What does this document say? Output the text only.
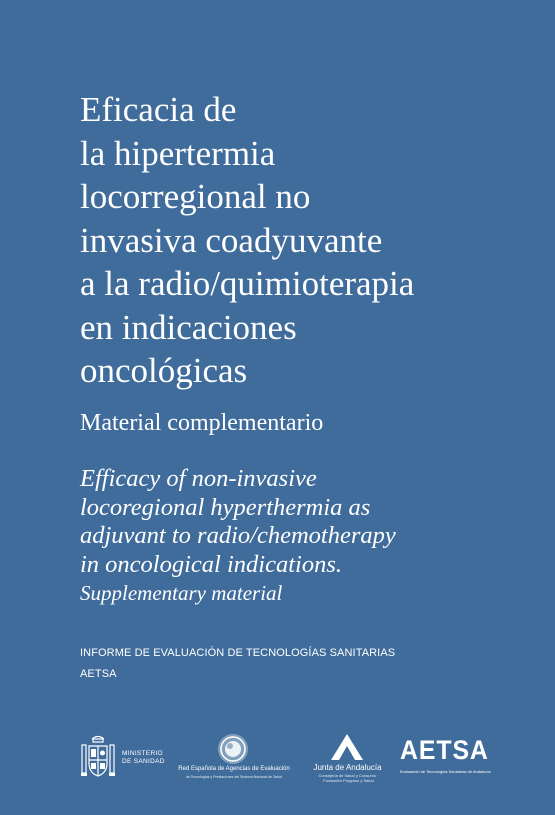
Eficacia de
la hipertermia
locorregional no
invasiva coadyuvante
a la radio/quimioterapia
en indicaciones
oncológicas
Material complementario
Efficacy of non-invasive
locoregional hyperthermia as
adjuvant to radio/chemotherapy
in oncological indications.
Supplementary material
INFORME DE EVALUACIÓN DE TECNOLOGÍAS SANITARIAS
AETSA
MINISTERIO
DE SANIDAD
Red Española de Agencias de Evaluación
de Tecnologías y Prestaciones del Sistema Nacional de Salud
Junta de Andalucía
Consejería de Salud y Consumo · Fundación Progreso y Salud
AETSA
Evaluación de Tecnologías Sanitarias de Andalucía
